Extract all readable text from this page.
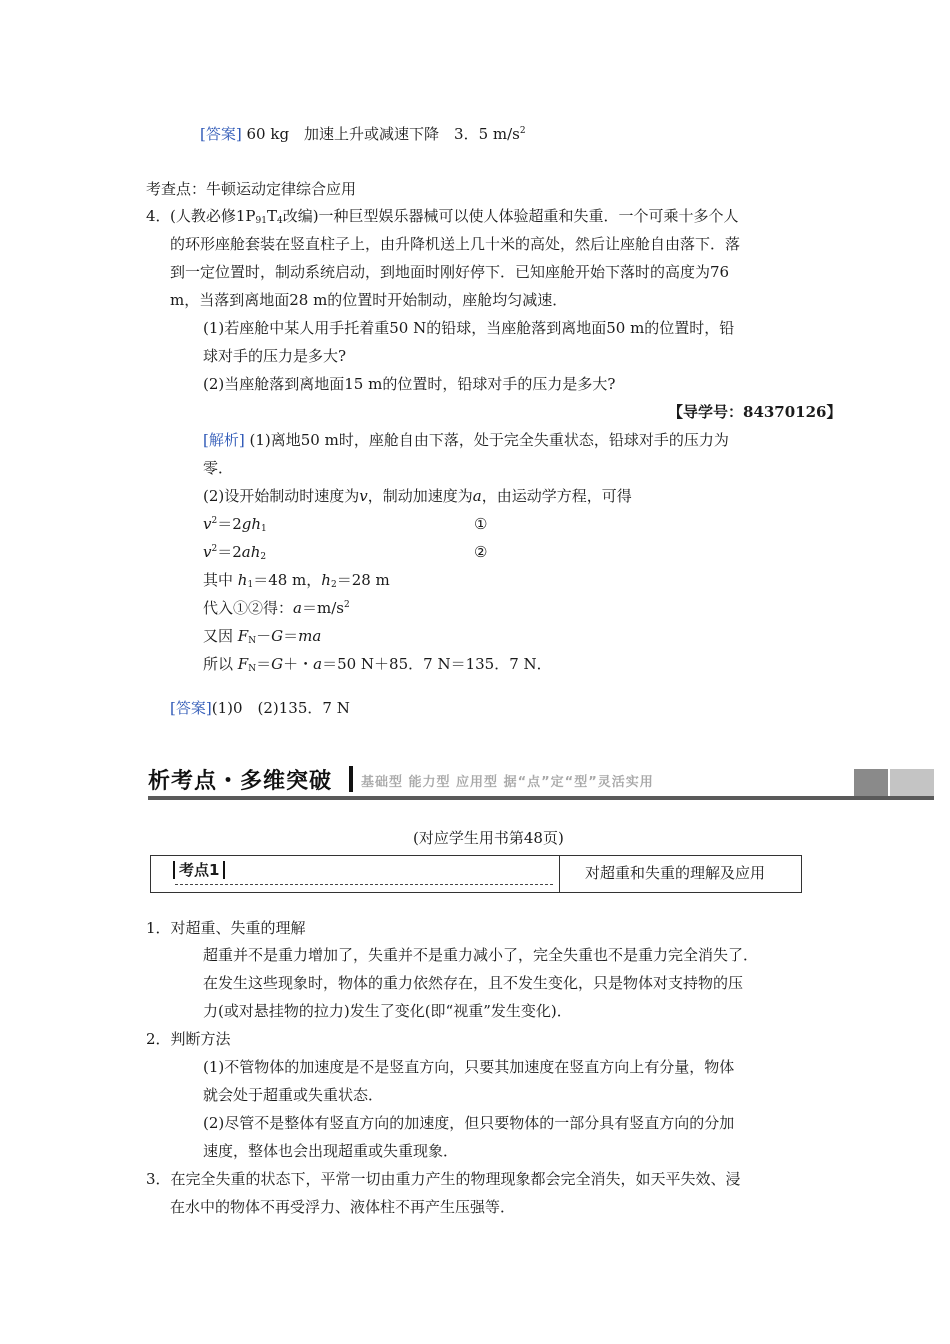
[答案] 60 kg　加速上升或减速下降　3．5 $m/s^2$
考查点：牛顿运动定律综合应用
4． (人教必修$1P_{91}T_4$改编)一种巨型娱乐器械可以使人体验超重和失重．一个可乘十多个人
的环形座舱套装在竖直柱子上，由升降机送上几十米的高处，然后让座舱自由落下．落
到一定位置时，制动系统启动，到地面时刚好停下．已知座舱开始下落时的高度为76
m，当落到离地面28 m的位置时开始制动，座舱均匀减速．
(1)若座舱中某人用手托着重50 N的铅球，当座舱落到离地面50 m的位置时，铅
球对手的压力是多大?
(2)当座舱落到离地面15 m的位置时，铅球对手的压力是多大?
【导学号：84370126】
[解析] (1)离地50 m时，座舱自由下落，处于完全失重状态，铅球对手的压力为
零．
(2)设开始制动时速度为v，制动加速度为a，由运动学方程，可得
$v^2=2gh_1$	①
$v^2=2ah_2$	②
其中 $h_1=48$ m，$h_2=28$ m
代入①②得：$a=m/s^2$
又因 $F_N-G=ma$
所以 $F_N=G+$・a＝50 N＋85．7 N＝135．7 N．
[答案](1)0　(2)135．7 N
析考点・多维突破 基础型 能力型 应用型 据“点”定“型”灵活实用
(对应学生用书第48页)
考点1	对超重和失重的理解及应用
1．对超重、失重的理解
超重并不是重力增加了，失重并不是重力减小了，完全失重也不是重力完全消失了．
在发生这些现象时，物体的重力依然存在，且不发生变化，只是物体对支持物的压
力(或对悬挂物的拉力)发生了变化(即“视重”发生变化)．
2．判断方法
(1)不管物体的加速度是不是竖直方向，只要其加速度在竖直方向上有分量，物体
就会处于超重或失重状态．
(2)尽管不是整体有竖直方向的加速度，但只要物体的一部分具有竖直方向的分加
速度，整体也会出现超重或失重现象．
3．在完全失重的状态下，平常一切由重力产生的物理现象都会完全消失，如天平失效、浸
在水中的物体不再受浮力、液体柱不再产生压强等．
